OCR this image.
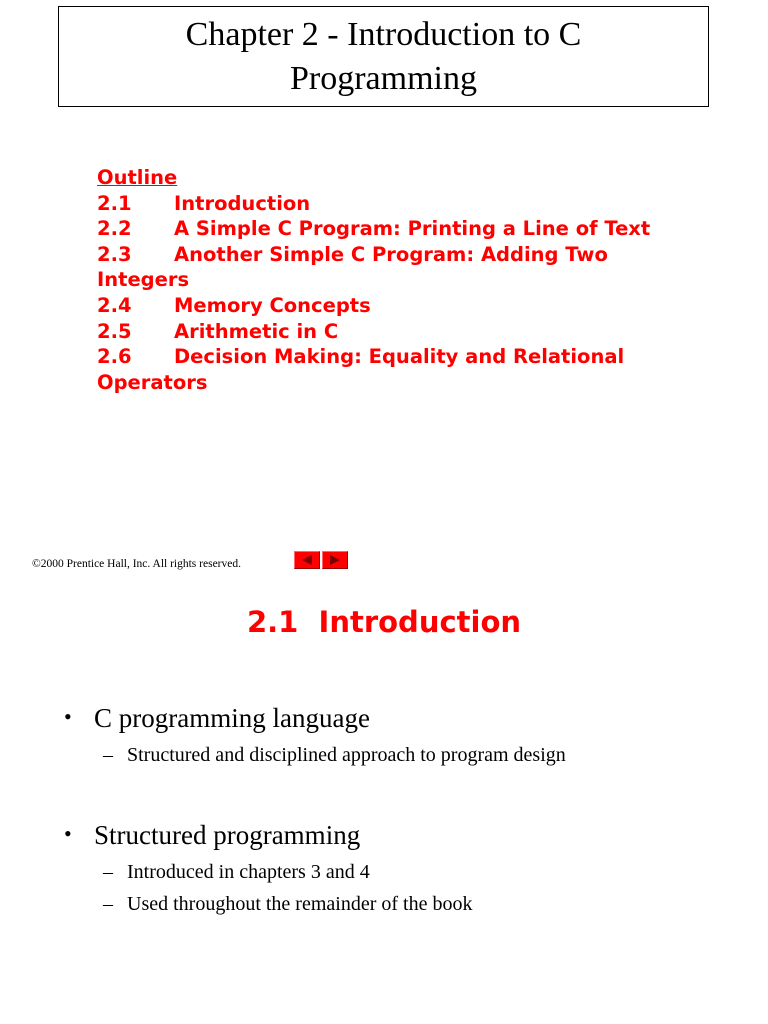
Chapter 2 - Introduction to C
Programming
Outline
2.1 Introduction
2.2 A Simple C Program: Printing a Line of Text
2.3 Another Simple C Program: Adding Two
Integers
2.4 Memory Concepts
2.5 Arithmetic in C
2.6 Decision Making: Equality and Relational
Operators
©2000 Prentice Hall, Inc. All rights reserved.
2.1  Introduction
• C programming language
– Structured and disciplined approach to program design
• Structured programming
– Introduced in chapters 3 and 4
– Used throughout the remainder of the book
